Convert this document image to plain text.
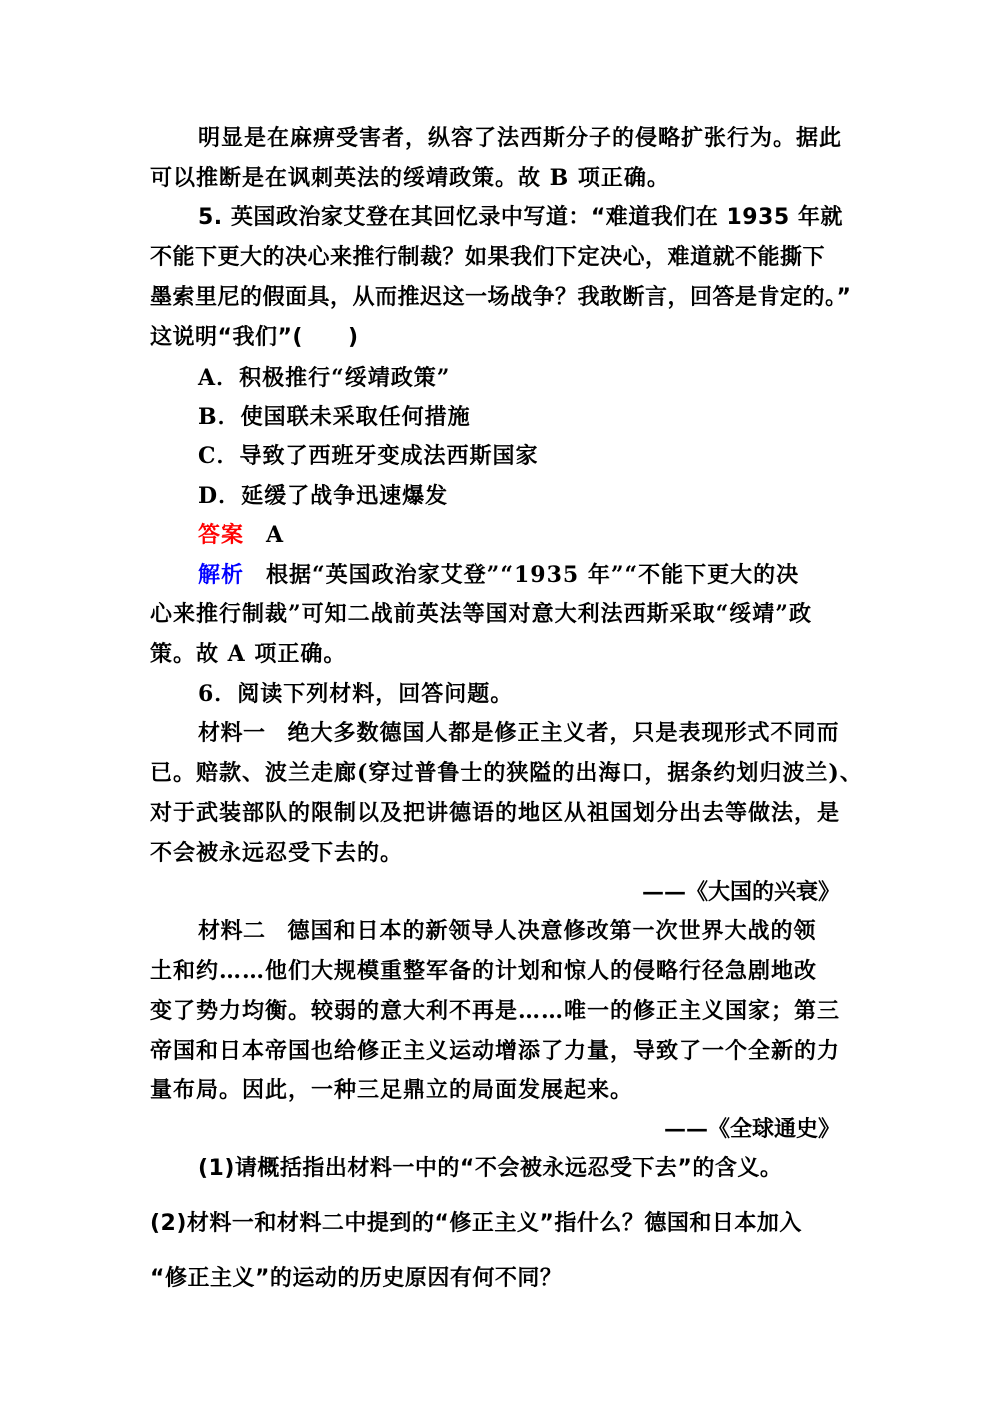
明显是在麻痹受害者，纵容了法西斯分子的侵略扩张行为。据此
可以推断是在讽刺英法的绥靖政策。故 B 项正确。
5. 英国政治家艾登在其回忆录中写道：“难道我们在 1935 年就
不能下更大的决心来推行制裁？如果我们下定决心，难道就不能撕下
墨索里尼的假面具，从而推迟这一场战争？我敢断言，回答是肯定的。”
这说明“我们”(　　)
A．积极推行“绥靖政策”
B．使国联未采取任何措施
C．导致了西班牙变成法西斯国家
D．延缓了战争迅速爆发
答案 A
解析 根据“英国政治家艾登”“1935 年”“不能下更大的决
心来推行制裁”可知二战前英法等国对意大利法西斯采取“绥靖”政
策。故 A 项正确。
6．阅读下列材料，回答问题。
材料一 绝大多数德国人都是修正主义者，只是表现形式不同而
已。赔款、波兰走廊(穿过普鲁士的狭隘的出海口，据条约划归波兰)、
对于武装部队的限制以及把讲德语的地区从祖国划分出去等做法，是
不会被永远忍受下去的。
——《大国的兴衰》
材料二 德国和日本的新领导人决意修改第一次世界大战的领
土和约……他们大规模重整军备的计划和惊人的侵略行径急剧地改
变了势力均衡。较弱的意大利不再是……唯一的修正主义国家；第三
帝国和日本帝国也给修正主义运动增添了力量，导致了一个全新的力
量布局。因此，一种三足鼎立的局面发展起来。
——《全球通史》
(1)请概括指出材料一中的“不会被永远忍受下去”的含义。
(2)材料一和材料二中提到的“修正主义”指什么？德国和日本加入
“修正主义”的运动的历史原因有何不同？
